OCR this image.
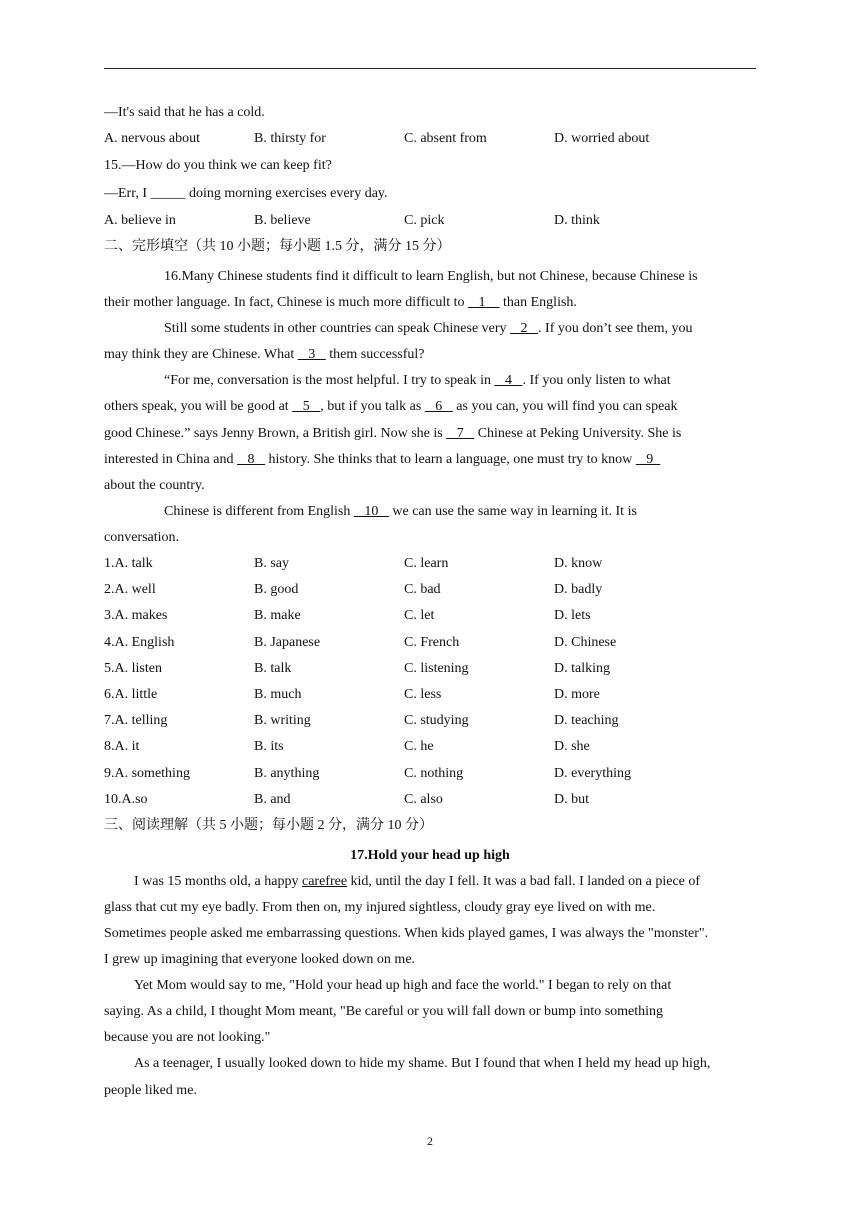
—It's said that he has a cold.
A. nervous about	B. thirsty for	C. absent from	D. worried about
15.—How do you think we can keep fit?
—Err, I _____ doing morning exercises every day.
A. believe in	B. believe	C. pick	D. think
二、完形填空（共 10 小题；每小题 1.5 分，满分 15 分）
16.Many Chinese students find it difficult to learn English, but not Chinese, because Chinese is
their mother language. In fact, Chinese is much more difficult to    1     than English.
Still some students in other countries can speak Chinese very    2   . If you don’t see them, you
may think they are Chinese. What    3    them successful?
“For me, conversation is the most helpful. I try to speak in    4   . If you only listen to what
others speak, you will be good at    5   , but if you talk as    6    as you can, you will find you can speak
good Chinese.” says Jenny Brown, a British girl. Now she is    7    Chinese at Peking University. She is
interested in China and    8    history. She thinks that to learn a language, one must try to know    9
about the country.
Chinese is different from English    10    we can use the same way in learning it. It is
conversation.
1.A. talk	B. say	C. learn	D. know
2.A. well	B. good	C. bad	D. badly
3.A. makes	B. make	C. let	D. lets
4.A. English	B. Japanese	C. French	D. Chinese
5.A. listen	B. talk	C. listening	D. talking
6.A. little	B. much	C. less	D. more
7.A. telling	B. writing	C. studying	D. teaching
8.A. it	B. its	C. he	D. she
9.A. something	B. anything	C. nothing	D. everything
10.A.so	B. and	C. also	D. but
三、阅读理解（共 5 小题；每小题 2 分，满分 10 分）
17.Hold your head up high
I was 15 months old, a happy carefree kid, until the day I fell. It was a bad fall. I landed on a piece of
glass that cut my eye badly. From then on, my injured sightless, cloudy gray eye lived on with me.
Sometimes people asked me embarrassing questions. When kids played games, I was always the "monster".
I grew up imagining that everyone looked down on me.
Yet Mom would say to me, "Hold your head up high and face the world." I began to rely on that
saying. As a child, I thought Mom meant, "Be careful or you will fall down or bump into something
because you are not looking."
As a teenager, I usually looked down to hide my shame. But I found that when I held my head up high,
people liked me.
2
